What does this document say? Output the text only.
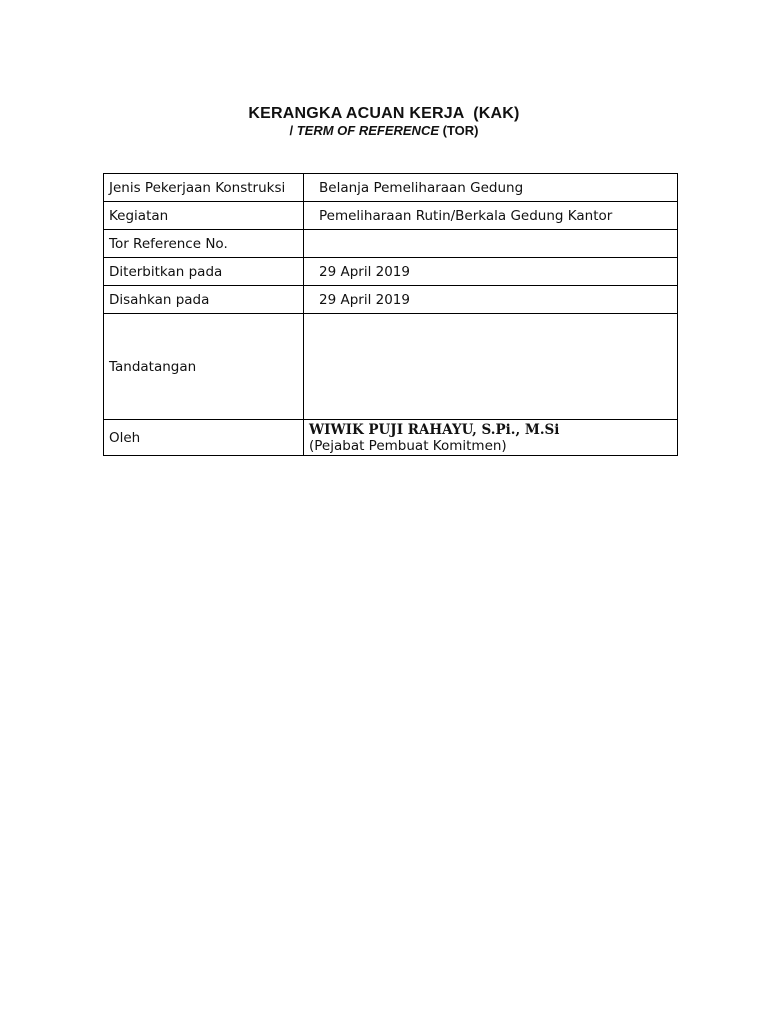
KERANGKA ACUAN KERJA  (KAK)
/ TERM OF REFERENCE (TOR)
Jenis Pekerjaan Konstruksi	Belanja Pemeliharaan Gedung
Kegiatan	Pemeliharaan Rutin/Berkala Gedung Kantor
Tor Reference No.	
Diterbitkan pada	29 April 2019
Disahkan pada	29 April 2019
Tandatangan	
Oleh	WIWIK PUJI RAHAYU, S.Pi., M.Si
(Pejabat Pembuat Komitmen)
